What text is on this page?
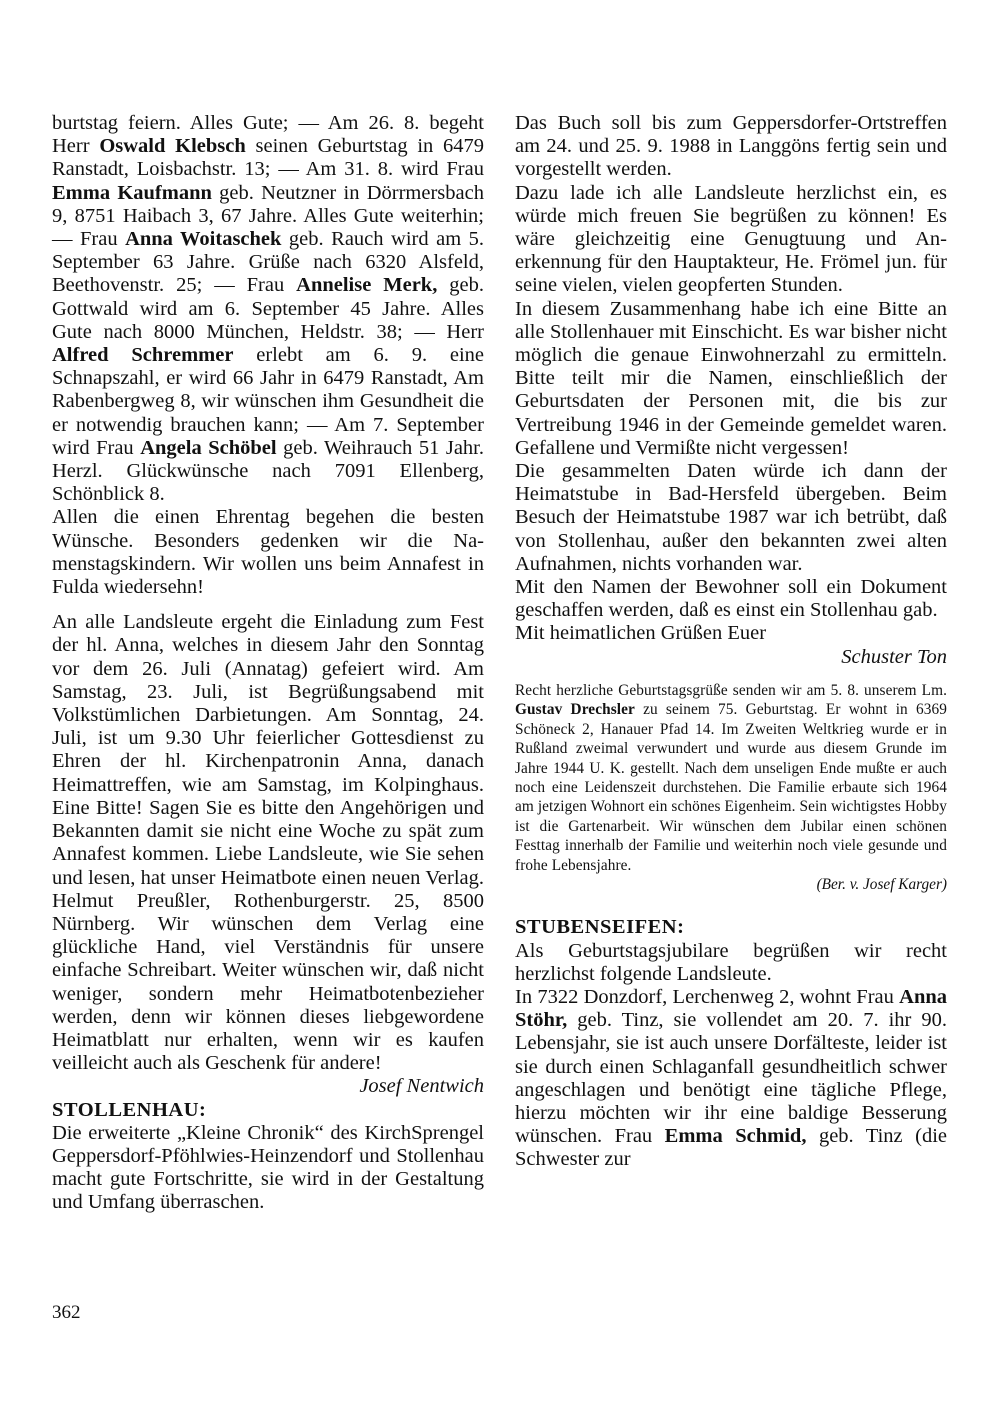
burtstag feiern. Alles Gute; — Am 26. 8. begeht Herr Oswald Klebsch seinen Geburtstag in 6479 Ranstadt, Loisbachstr. 13; — Am 31. 8. wird Frau Emma Kaufmann geb. Neutzner in Dörrmersbach 9, 8751 Haibach 3, 67 Jahre. Alles Gute weiterhin; — Frau Anna Woitaschek geb. Rauch wird am 5. September 63 Jahre. Grüße nach 6320 Alsfeld, Beethovenstr. 25; — Frau Annelise Merk, geb. Gottwald wird am 6. September 45 Jahre. Alles Gute nach 8000 München, Heldstr. 38; — Herr Alfred Schremmer erlebt am 6. 9. eine Schnapszahl, er wird 66 Jahr in 6479 Ranstadt, Am Rabenbergweg 8, wir wünschen ihm Gesundheit die er notwendig brauchen kann; — Am 7. September wird Frau Angela Schöbel geb. Weihrauch 51 Jahr. Herzl. Glückwünsche nach 7091 Ellenberg, Schönblick 8.

Allen die einen Ehrentag begehen die besten Wünsche. Besonders gedenken wir die Namenstagskindern. Wir wollen uns beim Annafest in Fulda wiedersehn!

An alle Landsleute ergeht die Einladung zum Fest der hl. Anna, welches in diesem Jahr den Sonntag vor dem 26. Juli (Annatag) gefeiert wird. Am Samstag, 23. Juli, ist Begrüßungsabend mit Volkstümlichen Darbietungen. Am Sonntag, 24. Juli, ist um 9.30 Uhr feierlicher Gottesdienst zu Ehren der hl. Kirchenpatronin Anna, danach Heimattreffen, wie am Samstag, im Kolpinghaus. Eine Bitte! Sagen Sie es bitte den Angehörigen und Bekannten damit sie nicht eine Woche zu spät zum Annafest kommen. Liebe Landsleute, wie Sie sehen und lesen, hat unser Heimatbote einen neuen Verlag. Helmut Preußler, Rothenburgerstr. 25, 8500 Nürnberg. Wir wünschen dem Verlag eine glückliche Hand, viel Verständnis für unsere einfache Schreibart. Weiter wünschen wir, daß nicht weniger, sondern mehr Heimatbotenbezieher werden, denn wir können dieses liebgewordene Heimatblatt nur erhalten, wenn wir es kaufen veilleicht auch als Geschenk für andere!

Josef Nentwich

STOLLENHAU:

Die erweiterte „Kleine Chronik“ des KirchSprengel Geppersdorf-Pföhlwies-Heinzendorf und Stollenhau macht gute Fortschritte, sie wird in der Gestaltung und Umfang überraschen.

Das Buch soll bis zum Geppersdorfer-Ortstreffen am 24. und 25. 9. 1988 in Langgöns fertig sein und vorgestellt werden.

Dazu lade ich alle Landsleute herzlichst ein, es würde mich freuen Sie begrüßen zu können! Es wäre gleichzeitig eine Genugtuung und Anerkennung für den Hauptakteur, He. Frömel jun. für seine vielen, vielen geopferten Stunden.

In diesem Zusammenhang habe ich eine Bitte an alle Stollenhauer mit Einschicht. Es war bisher nicht möglich die genaue Einwohnerzahl zu ermitteln. Bitte teilt mir die Namen, einschließlich der Geburtsdaten der Personen mit, die bis zur Vertreibung 1946 in der Gemeinde gemeldet waren. Gefallene und Vermißte nicht vergessen!

Die gesammelten Daten würde ich dann der Heimatstube in Bad-Hersfeld übergeben. Beim Besuch der Heimatstube 1987 war ich betrübt, daß von Stollenhau, außer den bekannten zwei alten Aufnahmen, nichts vorhanden war.

Mit den Namen der Bewohner soll ein Dokument geschaffen werden, daß es einst ein Stollenhau gab.

Mit heimatlichen Grüßen Euer

Schuster Ton

Recht herzliche Geburtstagsgrüße senden wir am 5. 8. unserem Lm. Gustav Drechsler zu seinem 75. Geburtstag. Er wohnt in 6369 Schöneck 2, Hanauer Pfad 14. Im Zweiten Weltkrieg wurde er in Rußland zweimal verwundert und wurde aus diesem Grunde im Jahre 1944 U. K. gestellt. Nach dem unseligen Ende mußte er auch noch eine Leidenszeit durchstehen. Die Familie erbaute sich 1964 am jetzigen Wohnort ein schönes Eigenheim. Sein wichtigstes Hobby ist die Gartenarbeit. Wir wünschen dem Jubilar einen schönen Festtag innerhalb der Familie und weiterhin noch viele gesunde und frohe Lebensjahre.

(Ber. v. Josef Karger)

STUBENSEIFEN:

Als Geburtstagsjubilare begrüßen wir recht herzlichst folgende Landsleute.

In 7322 Donzdorf, Lerchenweg 2, wohnt Frau Anna Stöhr, geb. Tinz, sie vollendet am 20. 7. ihr 90. Lebensjahr, sie ist auch unsere Dorfälteste, leider ist sie durch einen Schlaganfall gesundheitlich schwer angeschlagen und benötigt eine tägliche Pflege, hierzu möchten wir ihr eine baldige Besserung wünschen. Frau Emma Schmid, geb. Tinz (die Schwester zur

362
